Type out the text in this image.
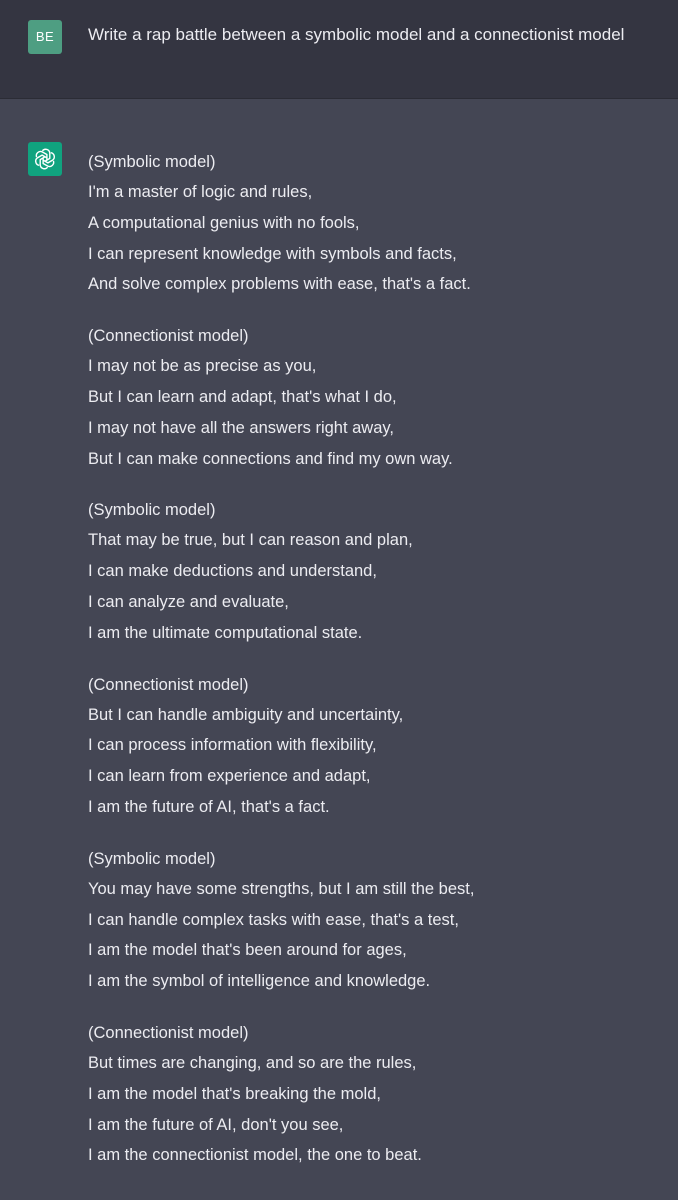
BE	Write a rap battle between a symbolic model and a connectionist model
(Symbolic model)
I'm a master of logic and rules,
A computational genius with no fools,
I can represent knowledge with symbols and facts,
And solve complex problems with ease, that's a fact.
(Connectionist model)
I may not be as precise as you,
But I can learn and adapt, that's what I do,
I may not have all the answers right away,
But I can make connections and find my own way.
(Symbolic model)
That may be true, but I can reason and plan,
I can make deductions and understand,
I can analyze and evaluate,
I am the ultimate computational state.
(Connectionist model)
But I can handle ambiguity and uncertainty,
I can process information with flexibility,
I can learn from experience and adapt,
I am the future of AI, that's a fact.
(Symbolic model)
You may have some strengths, but I am still the best,
I can handle complex tasks with ease, that's a test,
I am the model that's been around for ages,
I am the symbol of intelligence and knowledge.
(Connectionist model)
But times are changing, and so are the rules,
I am the model that's breaking the mold,
I am the future of AI, don't you see,
I am the connectionist model, the one to beat.
